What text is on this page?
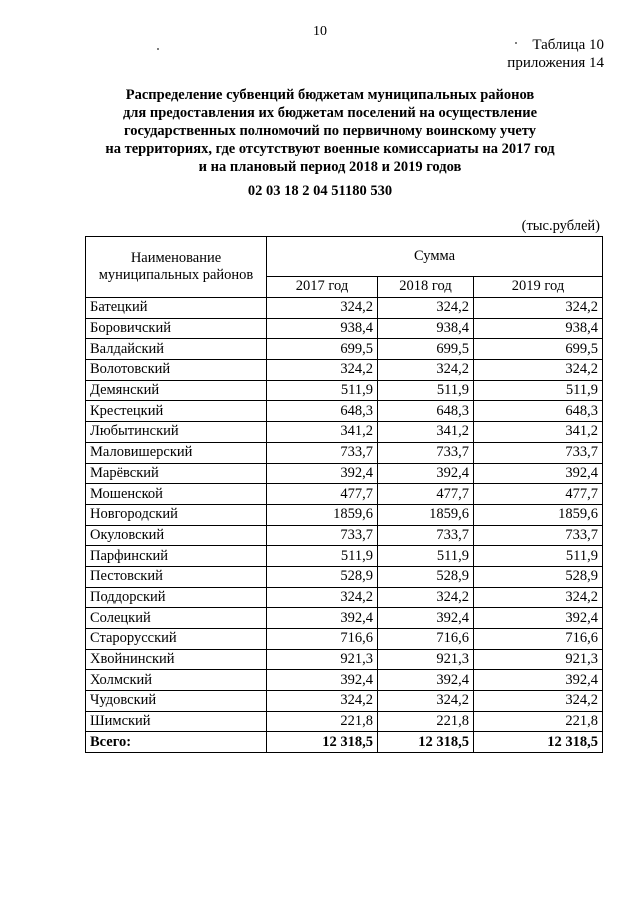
10
Таблица 10
приложения 14
Распределение субвенций бюджетам муниципальных районов
для предоставления их бюджетам поселений на осуществление
государственных полномочий по первичному воинскому учету
на территориях, где отсутствуют военные комиссариаты на 2017 год
и на плановый период 2018 и 2019 годов
02 03 18 2 04 51180 530
(тыс.рублей)
Наименование муниципальных районов	Сумма		
	2017 год	2018 год	2019 год
Батецкий	324,2	324,2	324,2
Боровичский	938,4	938,4	938,4
Валдайский	699,5	699,5	699,5
Волотовский	324,2	324,2	324,2
Демянский	511,9	511,9	511,9
Крестецкий	648,3	648,3	648,3
Любытинский	341,2	341,2	341,2
Маловишерский	733,7	733,7	733,7
Марёвский	392,4	392,4	392,4
Мошенской	477,7	477,7	477,7
Новгородский	1859,6	1859,6	1859,6
Окуловский	733,7	733,7	733,7
Парфинский	511,9	511,9	511,9
Пестовский	528,9	528,9	528,9
Поддорский	324,2	324,2	324,2
Солецкий	392,4	392,4	392,4
Старорусский	716,6	716,6	716,6
Хвойнинский	921,3	921,3	921,3
Холмский	392,4	392,4	392,4
Чудовский	324,2	324,2	324,2
Шимский	221,8	221,8	221,8
Всего:	12 318,5	12 318,5	12 318,5
